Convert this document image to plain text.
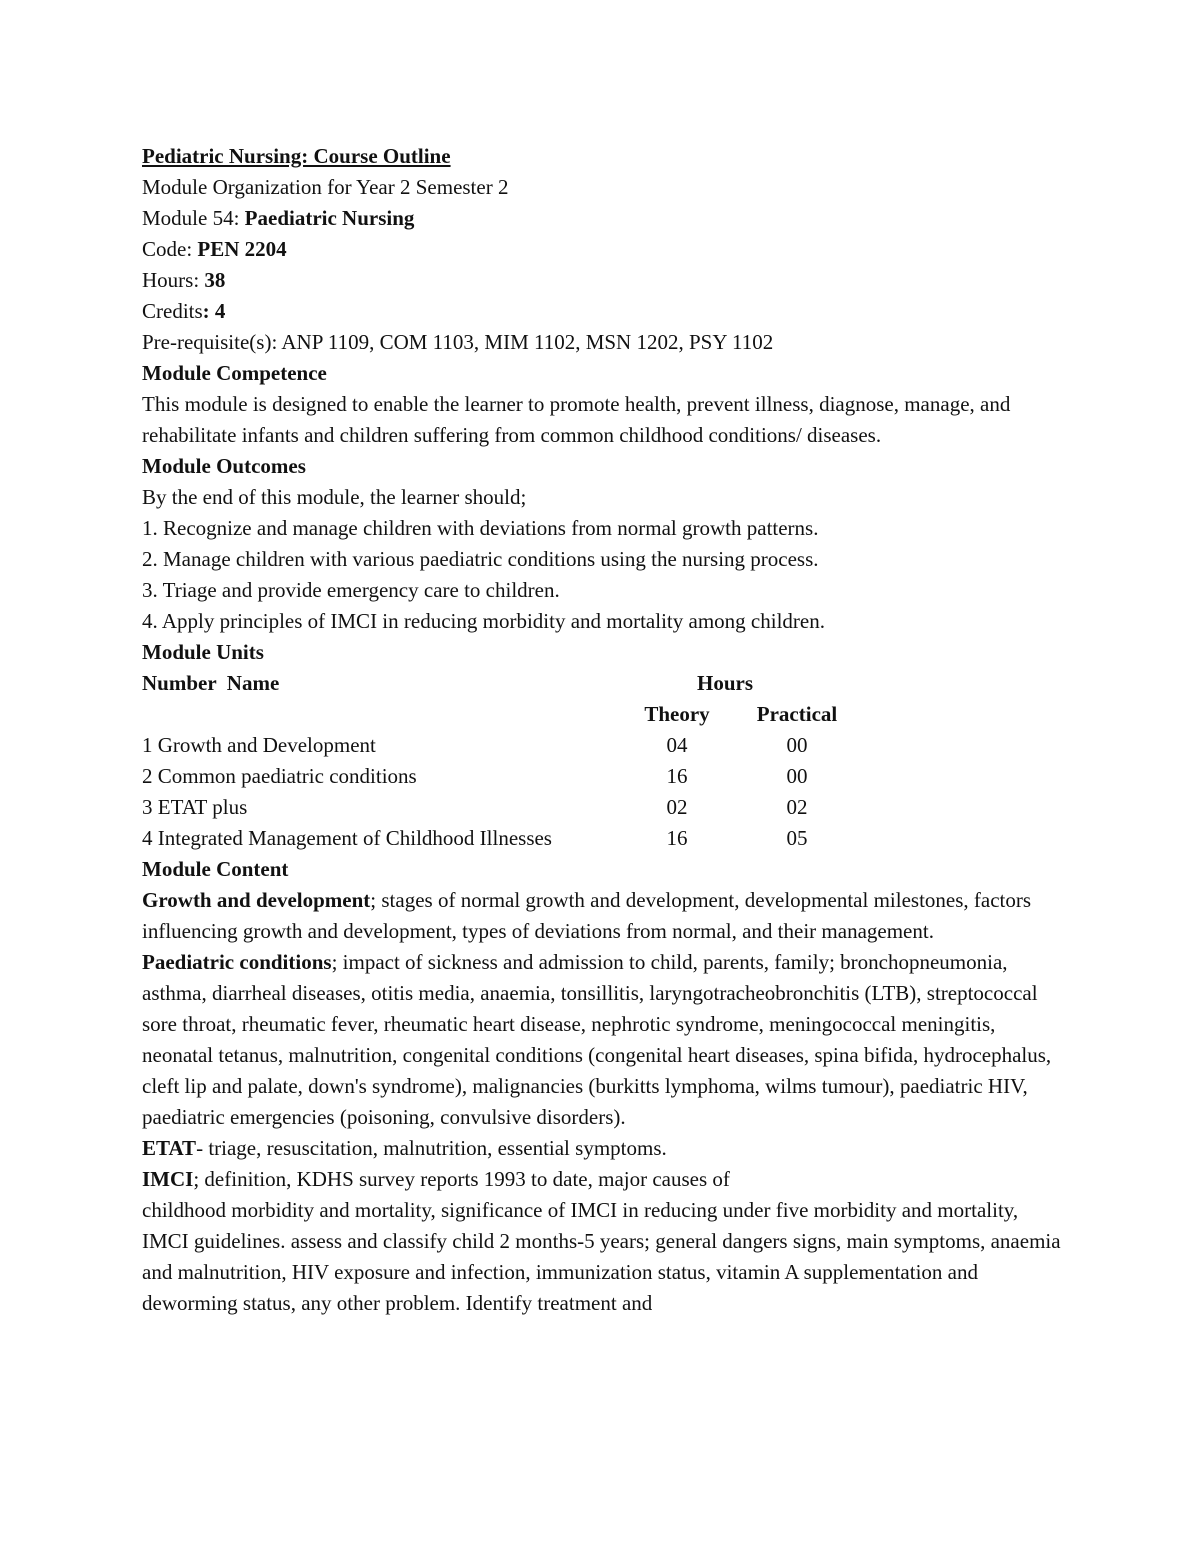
Pediatric Nursing: Course Outline
Module Organization for Year 2 Semester 2
Module 54: Paediatric Nursing
Code: PEN 2204
Hours: 38
Credits: 4
Pre-requisite(s): ANP 1109, COM 1103, MIM 1102, MSN 1202, PSY 1102
Module Competence
This module is designed to enable the learner to promote health, prevent illness, diagnose, manage, and rehabilitate infants and children suffering from common childhood conditions/ diseases.
Module Outcomes
By the end of this module, the learner should;
1. Recognize and manage children with deviations from normal growth patterns.
2. Manage children with various paediatric conditions using the nursing process.
3. Triage and provide emergency care to children.
4. Apply principles of IMCI in reducing morbidity and mortality among children.
Module Units
Number  Name	Hours
Theory	Practical
1 Growth and Development	04	00
2 Common paediatric conditions	16	00
3 ETAT plus	02	02
4 Integrated Management of Childhood Illnesses	16	05
Module Content
Growth and development; stages of normal growth and development, developmental milestones, factors influencing growth and development, types of deviations from normal, and their management.
Paediatric conditions; impact of sickness and admission to child, parents, family; bronchopneumonia, asthma, diarrheal diseases, otitis media, anaemia, tonsillitis, laryngotracheobronchitis (LTB), streptococcal sore throat, rheumatic fever, rheumatic heart disease, nephrotic syndrome, meningococcal meningitis, neonatal tetanus, malnutrition, congenital conditions (congenital heart diseases, spina bifida, hydrocephalus, cleft lip and palate, down's syndrome), malignancies (burkitts lymphoma, wilms tumour), paediatric HIV, paediatric emergencies (poisoning, convulsive disorders).
ETAT- triage, resuscitation, malnutrition, essential symptoms.
IMCI; definition, KDHS survey reports 1993 to date, major causes of
childhood morbidity and mortality, significance of IMCI in reducing under five morbidity and mortality, IMCI guidelines. assess and classify child 2 months-5 years; general dangers signs, main symptoms, anaemia and malnutrition, HIV exposure and infection, immunization status, vitamin A supplementation and deworming status, any other problem. Identify treatment and
